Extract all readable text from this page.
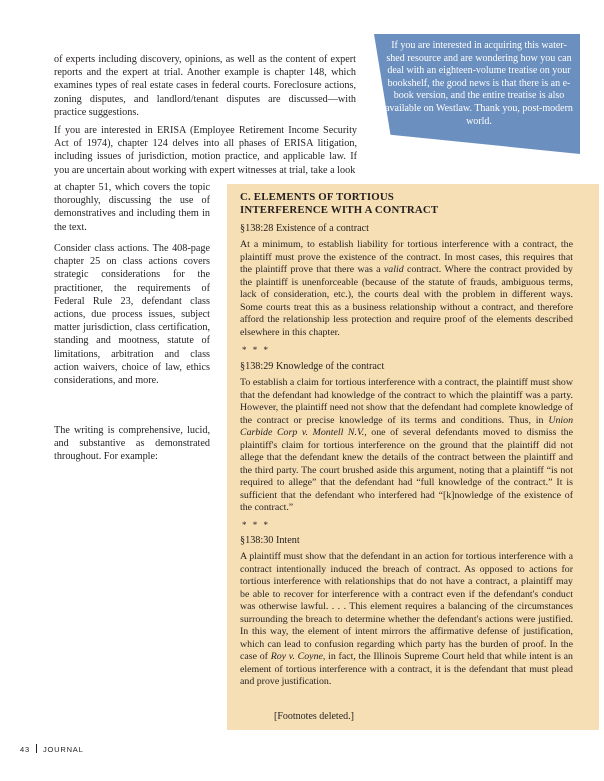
of experts including discovery, opinions, as well as the content of expert reports and the expert at trial. Another example is chapter 148, which examines types of real estate cases in federal courts. Foreclosure actions, zoning disputes, and landlord/tenant disputes are discussed—with practice suggestions.

If you are interested in ERISA (Employee Retirement Income Security Act of 1974), chapter 124 delves into all phases of ERISA litigation, including issues of jurisdiction, motion practice, and applicable law. If you are uncertain about working with expert witnesses at trial, take a look

at chapter 51, which covers the topic thoroughly, discussing the use of demonstratives and including them in the text.

Consider class actions. The 408-page chapter 25 on class actions covers strategic considerations for the practitioner, the requirements of Federal Rule 23, defendant class actions, due process issues, subject matter jurisdiction, class certification, standing and mootness, statute of limitations, arbitration and class action waivers, choice of law, ethics considerations, and more.

The writing is comprehensive, lucid, and substantive as demonstrated throughout. For example:

If you are interested in acquiring this water-shed resource and are wondering how you can deal with an eighteen-volume treatise on your bookshelf, the good news is that there is an e-book version, and the entire treatise is also available on Westlaw. Thank you, post-modern world.

C. ELEMENTS OF TORTIOUS
INTERFERENCE WITH A CONTRACT

§138:28 Existence of a contract

At a minimum, to establish liability for tortious interference with a contract, the plaintiff must prove the existence of the contract. In most cases, this requires that the plaintiff prove that there was a valid contract. Where the contract provided by the plaintiff is unenforceable (because of the statute of frauds, ambiguous terms, lack of consideration, etc.), the courts deal with the problem in different ways. Some courts treat this as a business relationship without a contract, and therefore afford the relationship less protection and require proof of the elements described elsewhere in this chapter.

* * *

§138:29 Knowledge of the contract

To establish a claim for tortious interference with a contract, the plaintiff must show that the defendant had knowledge of the contract to which the plaintiff was a party. However, the plaintiff need not show that the defendant had complete knowledge of the contract or precise knowledge of its terms and conditions. Thus, in Union Carbide Corp v. Montell N.V., one of several defendants moved to dismiss the plaintiff's claim for tortious interference on the ground that the plaintiff did not allege that the defendant knew the details of the contract between the plaintiff and the third party. The court brushed aside this argument, noting that a plaintiff “is not required to allege” that the defendant had “full knowledge of the contract.” It is sufficient that the defendant who interfered had “[k]nowledge of the existence of the contract.”

* * *

§138:30 Intent

A plaintiff must show that the defendant in an action for tortious interference with a contract intentionally induced the breach of contract. As opposed to actions for tortious interference with relationships that do not have a contract, a plaintiff may be able to recover for interference with a contract even if the defendant's conduct was otherwise lawful. . . . This element requires a balancing of the circumstances surrounding the breach to determine whether the defendant's actions were justified. In this way, the element of intent mirrors the affirmative defense of justification, which can lead to confusion regarding which party has the burden of proof. In the case of Roy v. Coyne, in fact, the Illinois Supreme Court held that while intent is an element of tortious interference with a contract, it is the defendant that must plead and prove justification.

[Footnotes deleted.]

43 JOURNAL
